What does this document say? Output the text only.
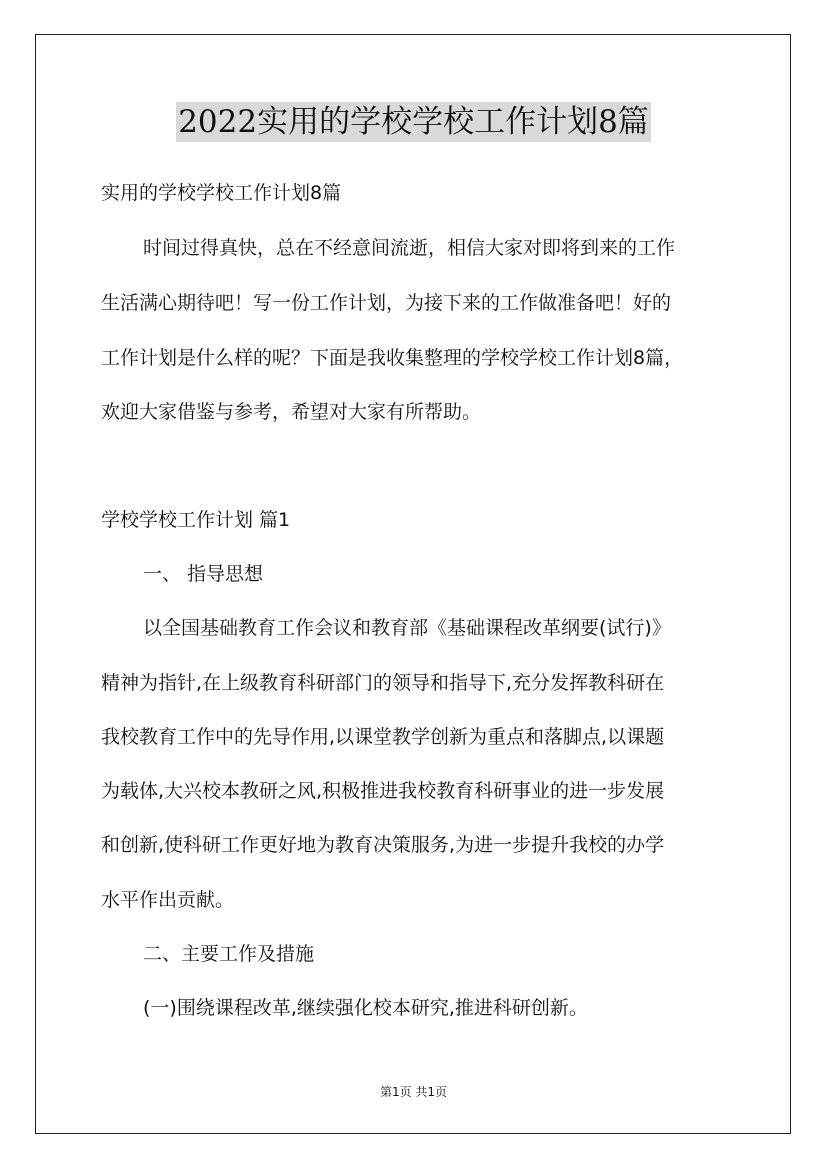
2022实用的学校学校工作计划8篇
实用的学校学校工作计划8篇
时间过得真快，总在不经意间流逝，相信大家对即将到来的工作
生活满心期待吧！写一份工作计划，为接下来的工作做准备吧！好的
工作计划是什么样的呢？下面是我收集整理的学校学校工作计划8篇，
欢迎大家借鉴与参考，希望对大家有所帮助。
学校学校工作计划 篇1
一、 指导思想
以全国基础教育工作会议和教育部《基础课程改革纲要(试行)》
精神为指针,在上级教育科研部门的领导和指导下,充分发挥教科研在
我校教育工作中的先导作用,以课堂教学创新为重点和落脚点,以课题
为载体,大兴校本教研之风,积极推进我校教育科研事业的进一步发展
和创新,使科研工作更好地为教育决策服务,为进一步提升我校的办学
水平作出贡献。
二、主要工作及措施
(一)围绕课程改革,继续强化校本研究,推进科研创新。
第1页 共1页
